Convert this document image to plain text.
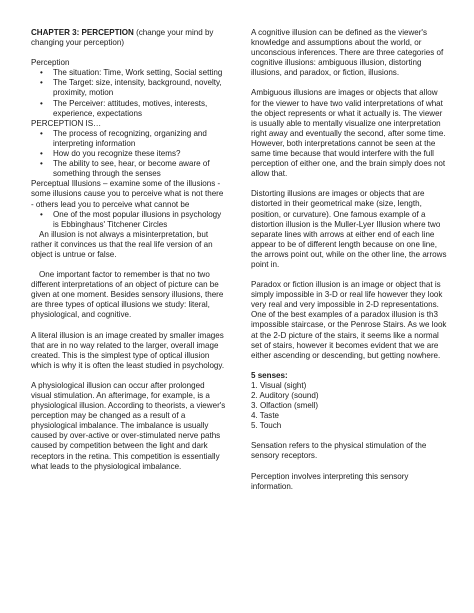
CHAPTER 3: PERCEPTION (change your mind by changing your perception)

Perception

• The situation: Time, Work setting, Social setting
• The Target: size, intensity, background, novelty, proximity, motion
• The Perceiver: attitudes, motives, interests, experience, expectations

PERCEPTION IS…

• The process of recognizing, organizing and interpreting information
• How do you recognize these items?
• The ability to see, hear, or become aware of something through the senses

Perceptual Illusions – examine some of the illusions - some illusions cause you to perceive what is not there

- others lead you to perceive what cannot be

• One of the most popular illusions in psychology is Ebbinghaus' Titchener Circles

An illusion is not always a misinterpretation, but rather it convinces us that the real life version of an object is untrue or false.

One important factor to remember is that no two different interpretations of an object of picture can be given at one moment. Besides sensory illusions, there are three types of optical illusions we study: literal, physiological, and cognitive.

A literal illusion is an image created by smaller images that are in no way related to the larger, overall image created. This is the simplest type of optical illusion which is why it is often the least studied in psychology.

A physiological illusion can occur after prolonged visual stimulation. An afterimage, for example, is a physiological illusion. According to theorists, a viewer's perception may be changed as a result of a physiological imbalance. The imbalance is usually caused by over-active or over-stimulated nerve paths caused by competition between the light and dark receptors in the retina. This competition is essentially what leads to the physiological imbalance.

A cognitive illusion can be defined as the viewer's knowledge and assumptions about the world, or unconscious inferences. There are three categories of cognitive illusions: ambiguous illusion, distorting illusions, and paradox, or fiction, illusions.

Ambiguous illusions are images or objects that allow for the viewer to have two valid interpretations of what the object represents or what it actually is. The viewer is usually able to mentally visualize one interpretation right away and eventually the second, after some time. However, both interpretations cannot be seen at the same time because that would interfere with the full perception of either one, and the brain simply does not allow that.

Distorting illusions are images or objects that are distorted in their geometrical make (size, length, position, or curvature). One famous example of a distortion illusion is the Muller-Lyer Illusion where two separate lines with arrows at either end of each line appear to be of different length because on one line, the arrows point out, while on the other line, the arrows point in.

Paradox or fiction illusion is an image or object that is simply impossible in 3-D or real life however they look very real and very impossible in 2-D representations. One of the best examples of a paradox illusion is th3 impossible staircase, or the Penrose Stairs. As we look at the 2-D picture of the stairs, it seems like a normal set of stairs, however it becomes evident that we are either ascending or descending, but getting nowhere.

5 senses:

1. Visual (sight)
2. Auditory (sound)
3. Olfaction (smell)
4. Taste
5. Touch

Sensation refers to the physical stimulation of the sensory receptors.

Perception involves interpreting this sensory information.
